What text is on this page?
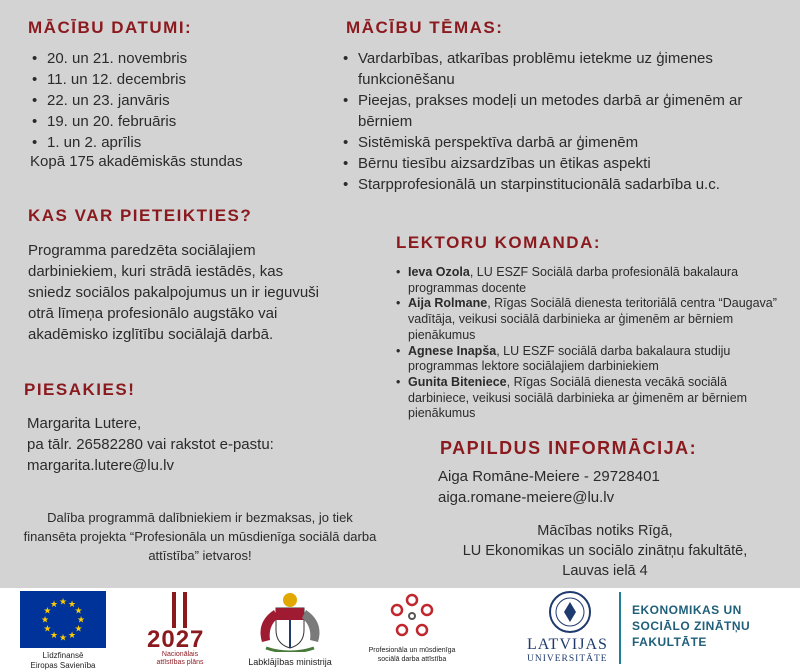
MĀCĪBU DATUMI:
• 20. un 21. novembris
• 11. un 12. decembris
• 22. un 23. janvāris
• 19. un 20. februāris
• 1. un 2. aprīlis

Kopā 175 akadēmiskās stundas

KAS VAR PIETEIKTIES?

Programma paredzēta sociālajiem darbiniekiem, kuri strādā iestādēs, kas sniedz sociālos pakalpojumus un ir ieguvuši otrā līmeņa profesionālo augstāko vai akadēmisko izglītību sociālajā darbā.

PIESAKIES!
Margarita Lutere,
pa tālr. 26582280 vai rakstot e-pastu:
margarita.lutere@lu.lv

Dalība programmā dalībniekiem ir bezmaksas, jo tiek finansēta projekta “Profesionāla un mūsdienīga sociālā darba attīstība” ietvaros!

MĀCĪBU TĒMAS:
• Vardarbības, atkarības problēmu ietekme uz ģimenes funkcionēšanu
• Pieejas, prakses modeļi un metodes darbā ar ģimenēm ar bērniem
• Sistēmiskā perspektīva darbā ar ģimenēm
• Bērnu tiesību aizsardzības un ētikas aspekti
• Starpprofesionālā un starpinstitucionālā sadarbība u.c.
LEKTORU KOMANDA:
• Ieva Ozola, LU ESZF Sociālā darba profesionālā bakalaura programmas docente
• Aija Rolmane, Rīgas Sociālā dienesta teritoriālā centra “Daugava” vadītāja, veikusi sociālā darbinieka ar ģimenēm ar bērniem pienākumus
• Agnese Inapša, LU ESZF sociālā darba bakalaura studiju programmas lektore sociālajiem darbiniekiem
• Gunita Biteniece, Rīgas Sociālā dienesta vecākā sociālā darbiniece, veikusi sociālā darbinieka ar ģimenēm ar bērniem pienākumus
PAPILDUS INFORMĀCIJA:
Aiga Romāne-Meiere - 29728401
aiga.romane-meiere@lu.lv
Mācības notiks Rīgā,
LU Ekonomikas un sociālo zinātņu fakultātē,
Lauvas ielā 4
★ ★
★
★
★
★
★
★
★
★
★
★
Līdzfinansē
Eiropas Savienība
2027
Nacionālais
attīstības plāns	Labklājības ministrija
Profesionāla un mūsdienīga
sociālā darba attīstība
LATVIJAS
UNIVERSITĀTE
EKONOMIKAS UN
SOCIĀLO ZINĀTŅU
FAKULTĀTE
